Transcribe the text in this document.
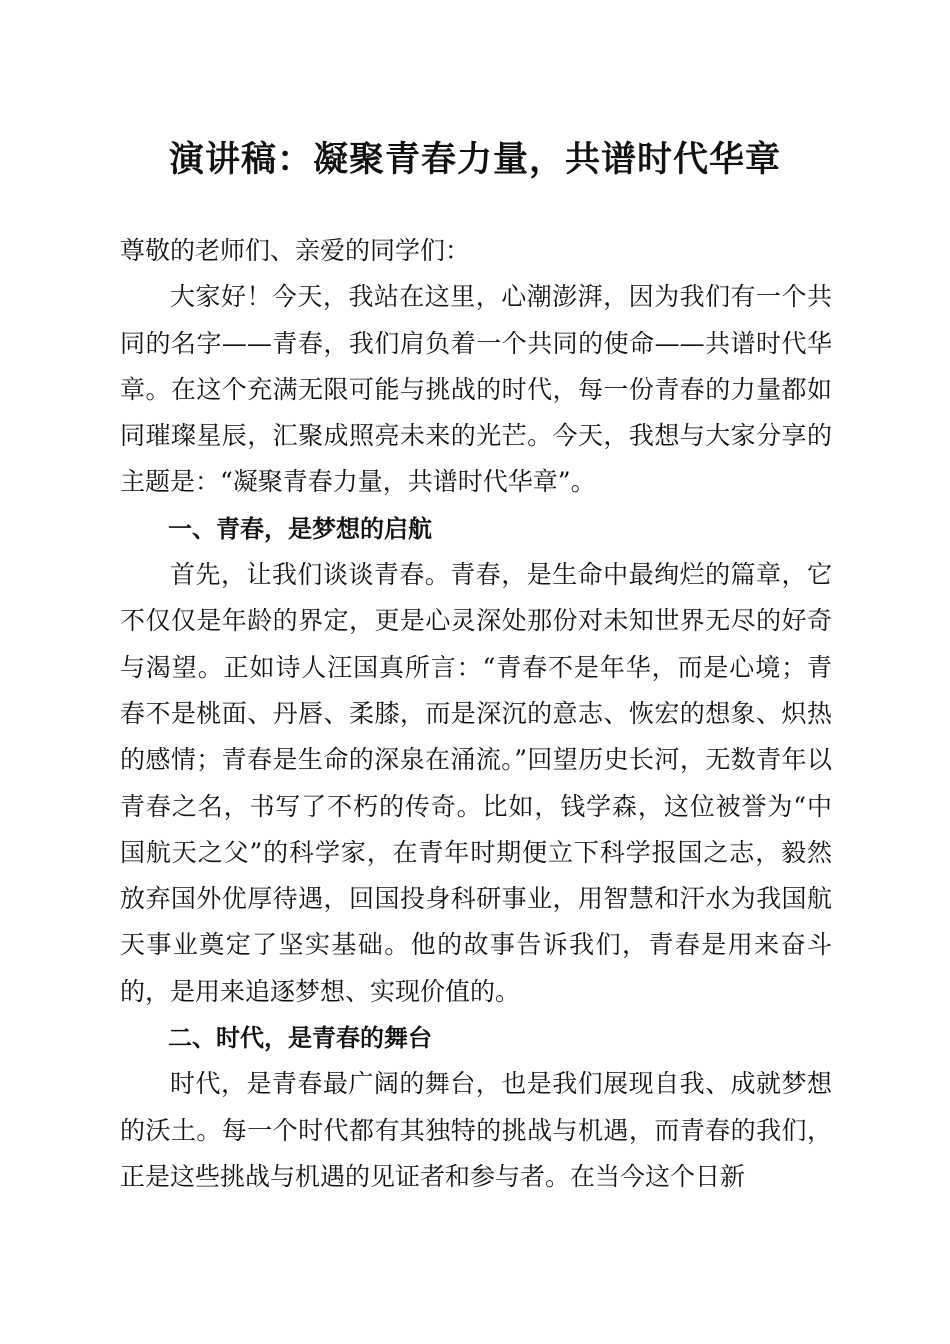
演讲稿：凝聚青春力量，共谱时代华章

尊敬的老师们、亲爱的同学们：

大家好！今天，我站在这里，心潮澎湃，因为我们有一个共同的名字——青春，我们肩负着一个共同的使命——共谱时代华章。在这个充满无限可能与挑战的时代，每一份青春的力量都如同璀璨星辰，汇聚成照亮未来的光芒。今天，我想与大家分享的主题是：“凝聚青春力量，共谱时代华章”。

一、青春，是梦想的启航

首先，让我们谈谈青春。青春，是生命中最绚烂的篇章，它不仅仅是年龄的界定，更是心灵深处那份对未知世界无尽的好奇与渴望。正如诗人汪国真所言：“青春不是年华，而是心境；青春不是桃面、丹唇、柔膝，而是深沉的意志、恢宏的想象、炽热的感情；青春是生命的深泉在涌流。”回望历史长河，无数青年以青春之名，书写了不朽的传奇。比如，钱学森，这位被誉为“中国航天之父”的科学家，在青年时期便立下科学报国之志，毅然放弃国外优厚待遇，回国投身科研事业，用智慧和汗水为我国航天事业奠定了坚实基础。他的故事告诉我们，青春是用来奋斗的，是用来追逐梦想、实现价值的。

二、时代，是青春的舞台

时代，是青春最广阔的舞台，也是我们展现自我、成就梦想的沃土。每一个时代都有其独特的挑战与机遇，而青春的我们，正是这些挑战与机遇的见证者和参与者。在当今这个日新
